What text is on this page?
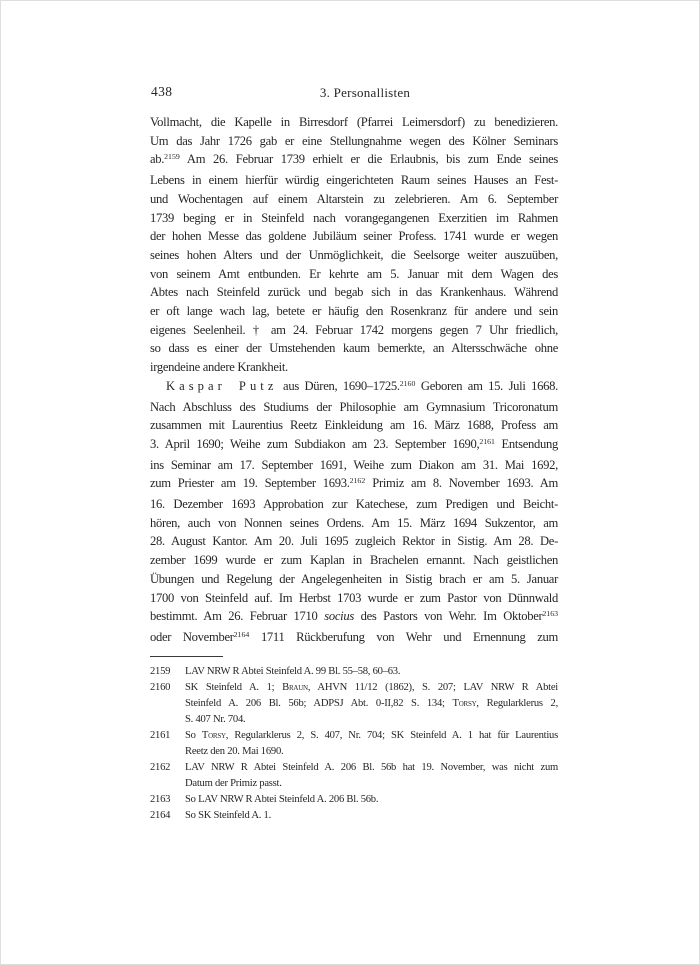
438	3. Personallisten
Vollmacht, die Kapelle in Birresdorf (Pfarrei Leimersdorf) zu benedizieren.
Um das Jahr 1726 gab er eine Stellungnahme wegen des Kölner Seminars
ab.$^{2159}$ Am 26. Februar 1739 erhielt er die Erlaubnis, bis zum Ende seines
Lebens in einem hierfür würdig eingerichteten Raum seines Hauses an Fest-
und Wochentagen auf einem Altarstein zu zelebrieren. Am 6. September
1739 beging er in Steinfeld nach vorangegangenen Exerzitien im Rahmen
der hohen Messe das goldene Jubiläum seiner Profess. 1741 wurde er wegen
seines hohen Alters und der Unmöglichkeit, die Seelsorge weiter auszuüben,
von seinem Amt entbunden. Er kehrte am 5. Januar mit dem Wagen des
Abtes nach Steinfeld zurück und begab sich in das Krankenhaus. Während
er oft lange wach lag, betete er häufig den Rosenkranz für andere und sein
eigenes Seelenheil. † am 24. Februar 1742 morgens gegen 7 Uhr friedlich,
so dass es einer der Umstehenden kaum bemerkte, an Altersschwäche ohne
irgendeine andere Krankheit.
Kaspar Putz aus Düren, 1690–1725.$^{2160}$ Geboren am 15. Juli 1668.
Nach Abschluss des Studiums der Philosophie am Gymnasium Tricoronatum
zusammen mit Laurentius Reetz Einkleidung am 16. März 1688, Profess am
3. April 1690; Weihe zum Subdiakon am 23. September 1690,$^{2161}$ Entsendung
ins Seminar am 17. September 1691, Weihe zum Diakon am 31. Mai 1692,
zum Priester am 19. September 1693.$^{2162}$ Primiz am 8. November 1693. Am
16. Dezember 1693 Approbation zur Katechese, zum Predigen und Beicht-
hören, auch von Nonnen seines Ordens. Am 15. März 1694 Sukzentor, am
28. August Kantor. Am 20. Juli 1695 zugleich Rektor in Sistig. Am 28. De-
zember 1699 wurde er zum Kaplan in Brachelen ernannt. Nach geistlichen
Übungen und Regelung der Angelegenheiten in Sistig brach er am 5. Januar
1700 von Steinfeld auf. Im Herbst 1703 wurde er zum Pastor von Dünnwald
bestimmt. Am 26. Februar 1710 socius des Pastors von Wehr. Im Oktober$^{2163}$
oder November$^{2164}$ 1711 Rückberufung von Wehr und Ernennung zum
2159	LAV NRW R Abtei Steinfeld A. 99 Bl. 55–58, 60–63.
2160	SK Steinfeld A. 1; Braun, AHVN 11/12 (1862), S. 207; LAV NRW R Abtei
Steinfeld A. 206 Bl. 56b; ADPSJ Abt. 0-II,82 S. 134; Torsy, Regularklerus 2,
S. 407 Nr. 704.
2161	So Torsy, Regularklerus 2, S. 407, Nr. 704; SK Steinfeld A. 1 hat für Laurentius
Reetz den 20. Mai 1690.
2162	LAV NRW R Abtei Steinfeld A. 206 Bl. 56b hat 19. November, was nicht zum
Datum der Primiz passt.
2163	So LAV NRW R Abtei Steinfeld A. 206 Bl. 56b.
2164	So SK Steinfeld A. 1.
